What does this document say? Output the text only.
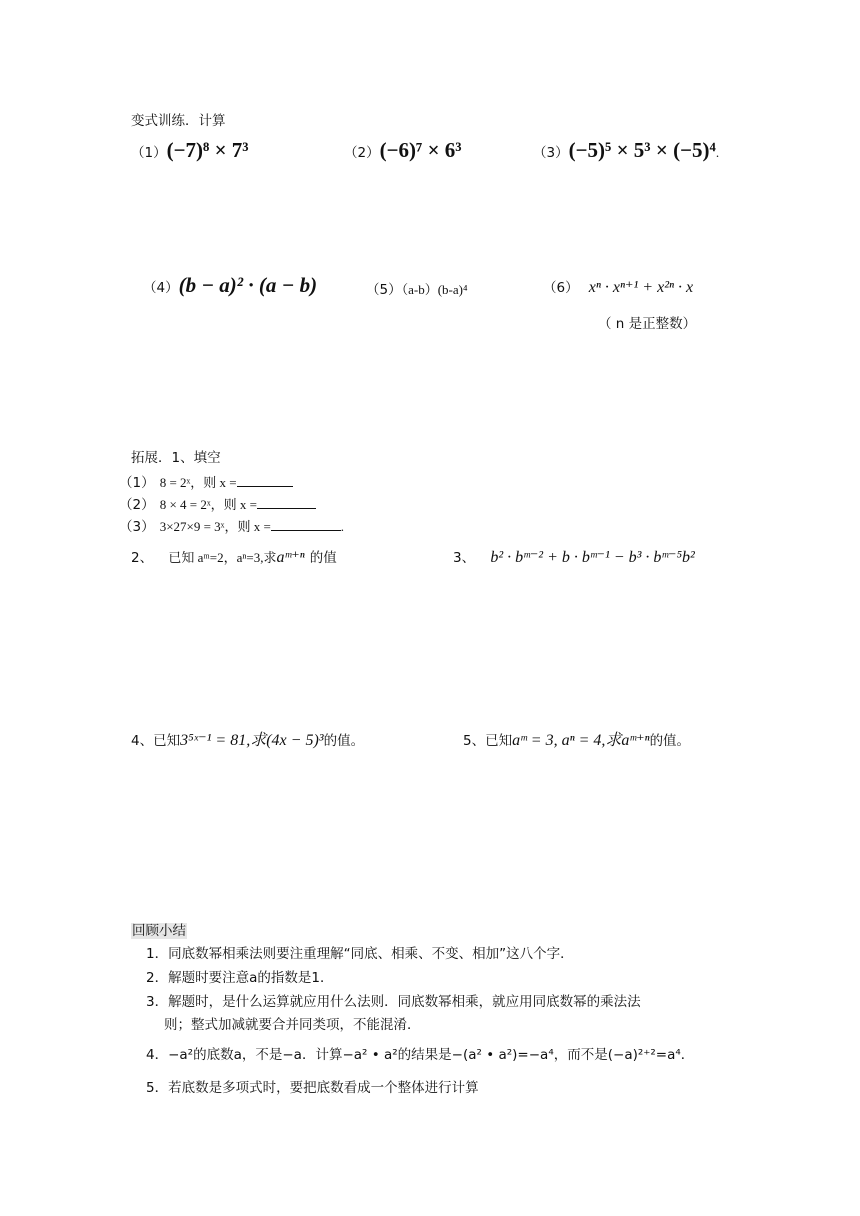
变式训练．计算
（1）(−7)⁸ × 7³	（2）(−6)⁷ × 6³	（3）(−5)⁵ × 5³ × (−5)⁴.
（4）(b − a)² · (a − b)	（5）（a-b）(b-a)⁴	（6） xⁿ · xⁿ⁺¹ + x²ⁿ · x
（ n 是正整数）
拓展．1、填空
（1） 8 = 2ˣ，则 x =
（2） 8 × 4 = 2ˣ，则 x =
（3） 3×27×9 = 3ˣ，则 x =	.
2、 已知 aᵐ=2，aⁿ=3,求aᵐ⁺ⁿ 的值	3、 b² · bᵐ⁻² + b · bᵐ⁻¹ − b³ · bᵐ⁻⁵b²
4、已知3⁵ˣ⁻¹ = 81,求(4x − 5)³的值。	5、已知aᵐ = 3, aⁿ = 4,求aᵐ⁺ⁿ的值。
回顾小结
1．同底数幂相乘法则要注重理解“同底、相乘、不变、相加”这八个字．
2．解题时要注意a的指数是1．
3．解题时，是什么运算就应用什么法则．同底数幂相乘，就应用同底数幂的乘法法
则；整式加减就要合并同类项，不能混淆．
4．−a²的底数a，不是−a．计算−a² • a²的结果是−(a² • a²)=−a⁴，而不是(−a)²⁺²=a⁴．
5．若底数是多项式时，要把底数看成一个整体进行计算
